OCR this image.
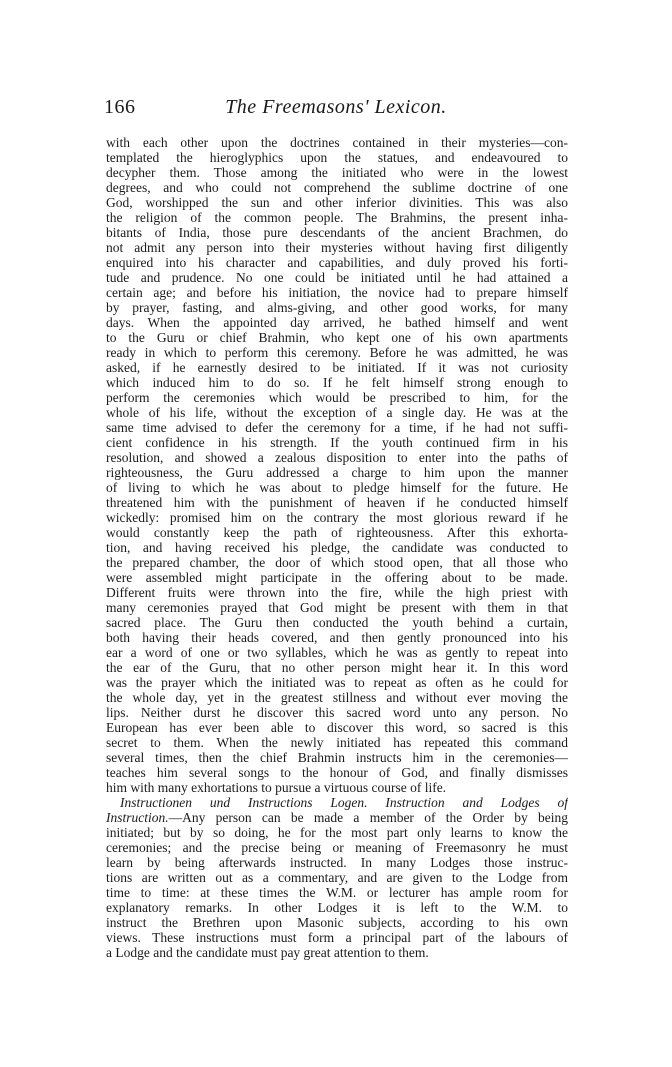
166	The Freemasons' Lexicon.
with each other upon the doctrines contained in their mysteries—con-
templated the hieroglyphics upon the statues, and endeavoured to
decypher them. Those among the initiated who were in the lowest
degrees, and who could not comprehend the sublime doctrine of one
God, worshipped the sun and other inferior divinities. This was also
the religion of the common people. The Brahmins, the present inha-
bitants of India, those pure descendants of the ancient Brachmen, do
not admit any person into their mysteries without having first diligently
enquired into his character and capabilities, and duly proved his forti-
tude and prudence. No one could be initiated until he had attained a
certain age; and before his initiation, the novice had to prepare himself
by prayer, fasting, and alms-giving, and other good works, for many
days. When the appointed day arrived, he bathed himself and went
to the Guru or chief Brahmin, who kept one of his own apartments
ready in which to perform this ceremony. Before he was admitted, he was
asked, if he earnestly desired to be initiated. If it was not curiosity
which induced him to do so. If he felt himself strong enough to
perform the ceremonies which would be prescribed to him, for the
whole of his life, without the exception of a single day. He was at the
same time advised to defer the ceremony for a time, if he had not suffi-
cient confidence in his strength. If the youth continued firm in his
resolution, and showed a zealous disposition to enter into the paths of
righteousness, the Guru addressed a charge to him upon the manner
of living to which he was about to pledge himself for the future. He
threatened him with the punishment of heaven if he conducted himself
wickedly: promised him on the contrary the most glorious reward if he
would constantly keep the path of righteousness. After this exhorta-
tion, and having received his pledge, the candidate was conducted to
the prepared chamber, the door of which stood open, that all those who
were assembled might participate in the offering about to be made.
Different fruits were thrown into the fire, while the high priest with
many ceremonies prayed that God might be present with them in that
sacred place. The Guru then conducted the youth behind a curtain,
both having their heads covered, and then gently pronounced into his
ear a word of one or two syllables, which he was as gently to repeat into
the ear of the Guru, that no other person might hear it. In this word
was the prayer which the initiated was to repeat as often as he could for
the whole day, yet in the greatest stillness and without ever moving the
lips. Neither durst he discover this sacred word unto any person. No
European has ever been able to discover this word, so sacred is this
secret to them. When the newly initiated has repeated this command
several times, then the chief Brahmin instructs him in the ceremonies—
teaches him several songs to the honour of God, and finally dismisses
him with many exhortations to pursue a virtuous course of life.
Instructionen und Instructions Logen. Instruction and Lodges of
Instruction.—Any person can be made a member of the Order by being
initiated; but by so doing, he for the most part only learns to know the
ceremonies; and the precise being or meaning of Freemasonry he must
learn by being afterwards instructed. In many Lodges those instruc-
tions are written out as a commentary, and are given to the Lodge from
time to time: at these times the W.M. or lecturer has ample room for
explanatory remarks. In other Lodges it is left to the W.M. to
instruct the Brethren upon Masonic subjects, according to his own
views. These instructions must form a principal part of the labours of
a Lodge and the candidate must pay great attention to them.
